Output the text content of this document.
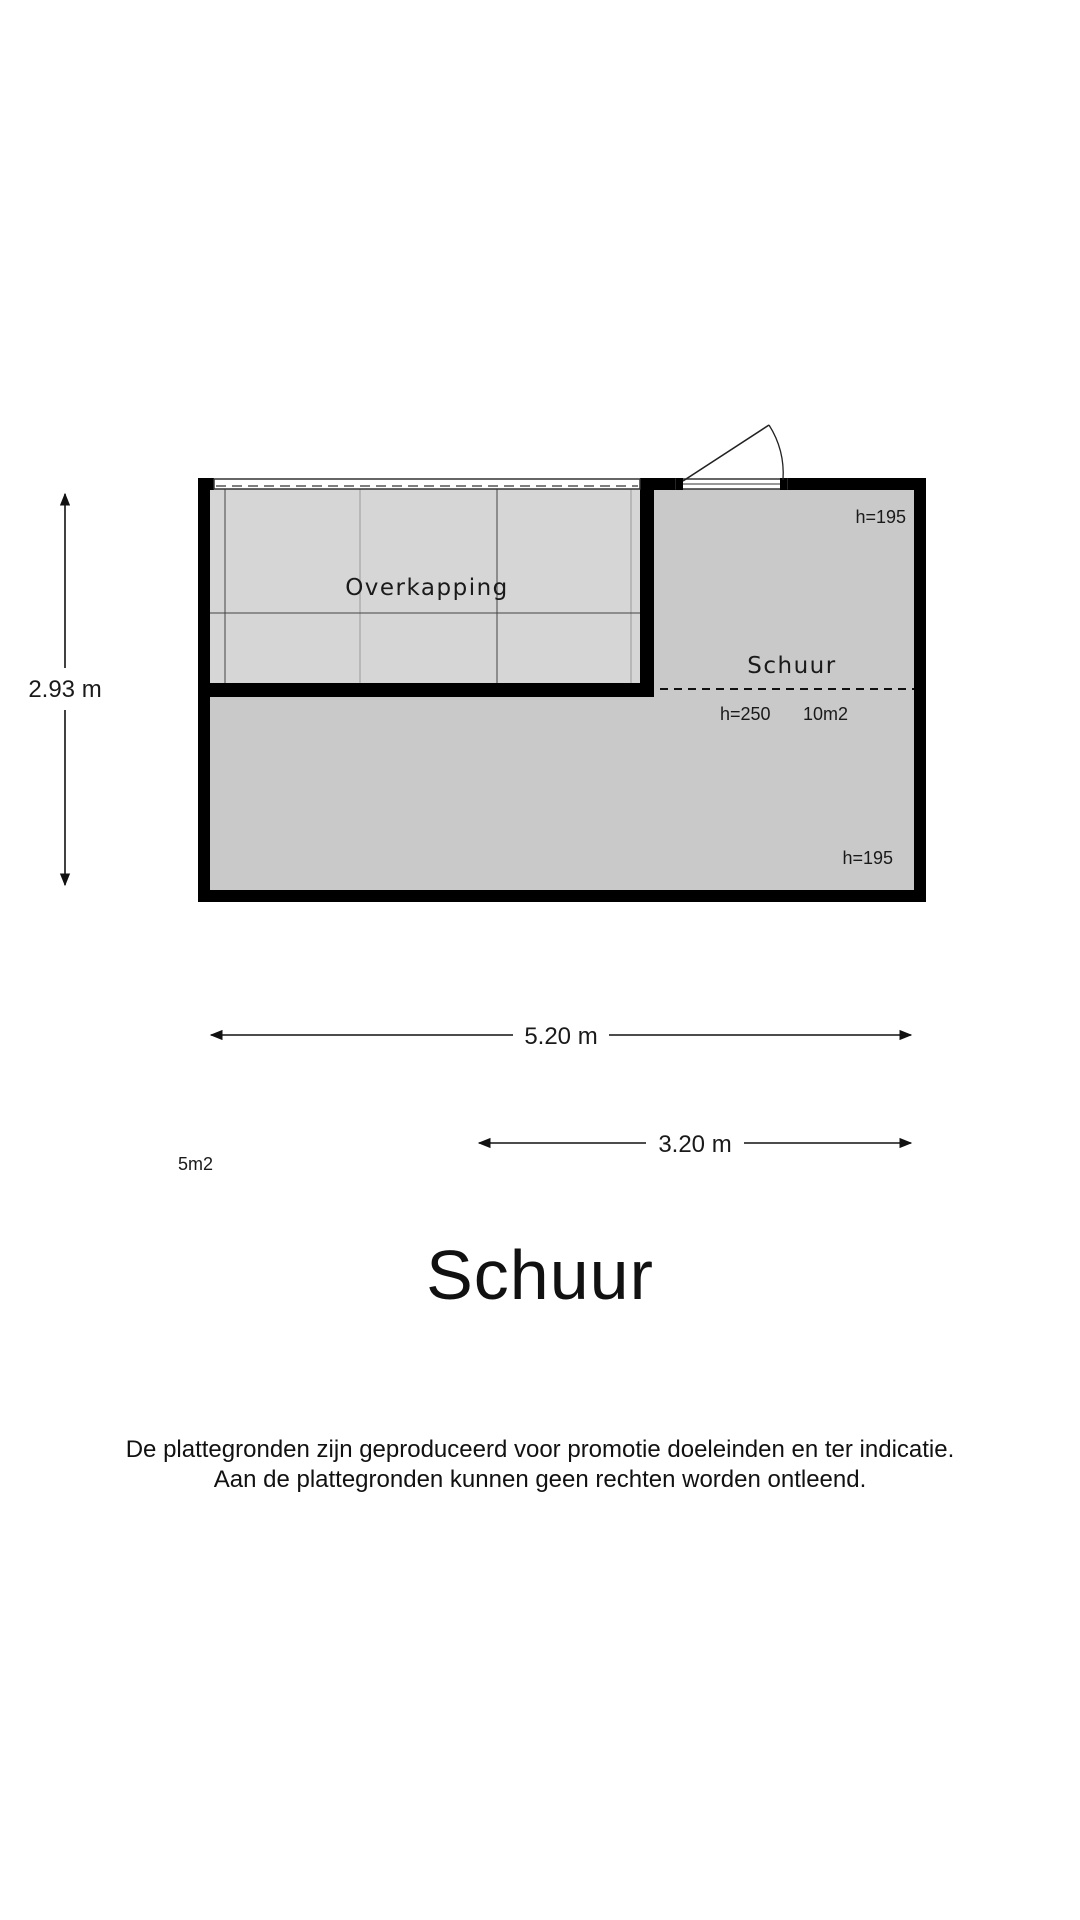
Overkapping
Schuur
h=195
h=250 10m2
h=195
2.93 m
5.20 m
3.20 m
5m2
Schuur
De plattegronden zijn geproduceerd voor promotie doeleinden en ter indicatie.
Aan de plattegronden kunnen geen rechten worden ontleend.
